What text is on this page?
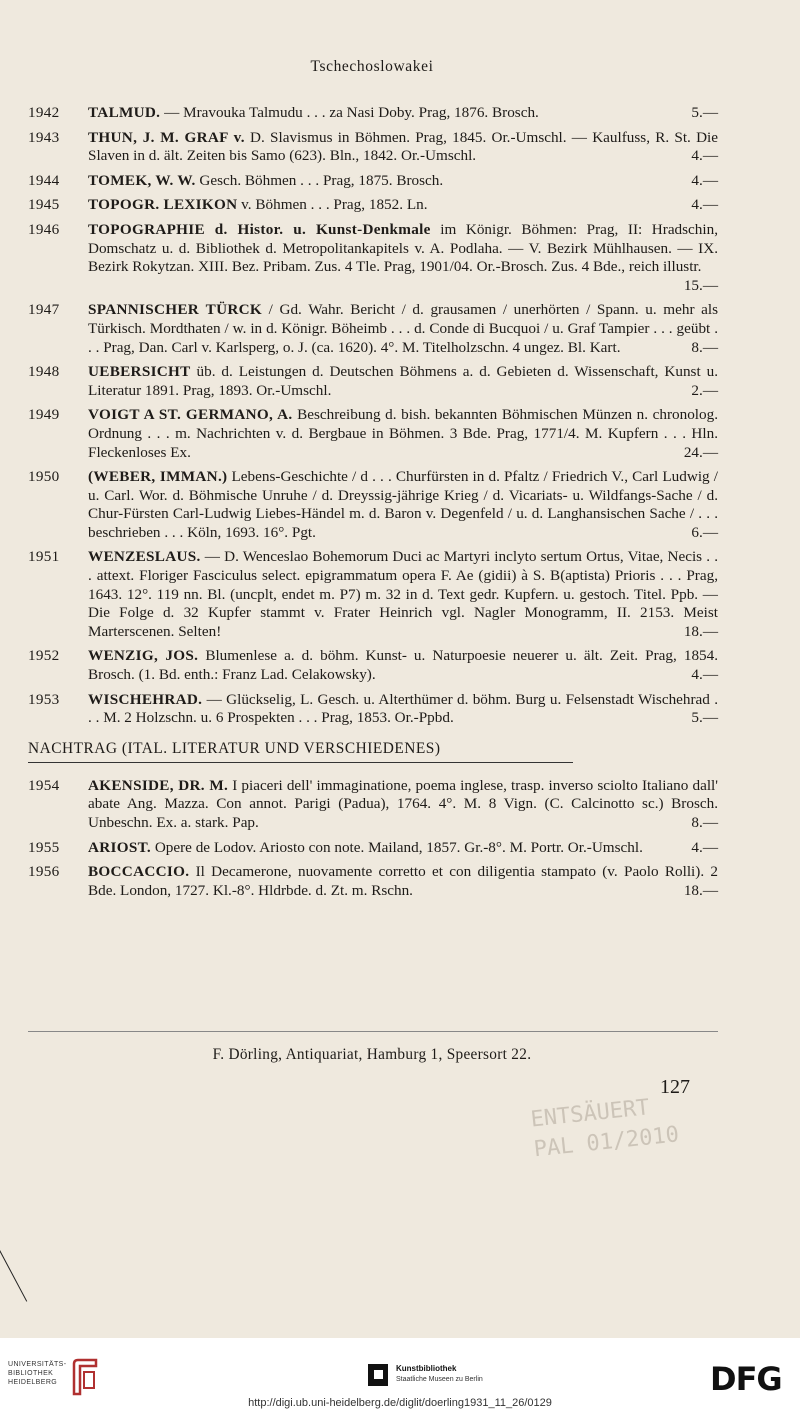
Tschechoslowakei
1942 TALMUD. — Mravouka Talmudu . . . za Nasi Doby. Prag, 1876. Brosch.	5.—
1943 THUN, J. M. GRAF v. D. Slavismus in Böhmen. Prag, 1845. Or.-Umschl. — Kaulfuss, R. St. Die Slaven in d. ält. Zeiten bis Samo (623). Bln., 1842. Or.-Umschl.	4.—
1944 TOMEK, W. W. Gesch. Böhmen . . . Prag, 1875. Brosch.	4.—
1945 TOPOGR. LEXIKON v. Böhmen . . . Prag, 1852. Ln.	4.—
1946 TOPOGRAPHIE d. Histor. u. Kunst-Denkmale im Königr. Böhmen: Prag, II: Hradschin, Domschatz u. d. Bibliothek d. Metropolitankapitels v. A. Podlaha. — V. Bezirk Mühlhausen. — IX. Bezirk Rokytzan. XIII. Bez. Pribam. Zus. 4 Tle. Prag, 1901/04. Or.-Brosch. Zus. 4 Bde., reich illustr.
15.—
1947 SPANNISCHER TÜRCK / Gd. Wahr. Bericht / d. grausamen / unerhörten / Spann. u. mehr als Türkisch. Mordthaten / w. in d. Königr. Böheimb . . . d. Conde di Bucquoi / u. Graf Tampier . . . geübt . . . Prag, Dan. Carl v. Karlsperg, o. J. (ca. 1620). 4°. M. Titelholzschn. 4 ungez. Bl. Kart.	8.—
1948 UEBERSICHT üb. d. Leistungen d. Deutschen Böhmens a. d. Gebieten d. Wissenschaft, Kunst u. Literatur 1891. Prag, 1893. Or.-Umschl.	2.—
1949 VOIGT A ST. GERMANO, A. Beschreibung d. bish. bekannten Böhmischen Münzen n. chronolog. Ordnung . . . m. Nachrichten v. d. Bergbaue in Böhmen. 3 Bde. Prag, 1771/4. M. Kupfern . . . Hln. Fleckenloses Ex.	24.—
1950 (WEBER, IMMAN.) Lebens-Geschichte / d . . . Churfürsten in d. Pfaltz / Friedrich V., Carl Ludwig / u. Carl. Wor. d. Böhmische Unruhe / d. Dreyssig-jährige Krieg / d. Vicariats- u. Wildfangs-Sache / d. Chur-Fürsten Carl-Ludwig Liebes-Händel m. d. Baron v. Degenfeld / u. d. Langhansischen Sache / . . . beschrieben . . . Köln, 1693. 16°. Pgt.	6.—
1951 WENZESLAUS. — D. Wenceslao Bohemorum Duci ac Martyri inclyto sertum Ortus, Vitae, Necis . . . attext. Floriger Fasciculus select. epigrammatum opera F. Ae (gidii) à S. B(aptista) Prioris . . . Prag, 1643. 12°. 119 nn. Bl. (uncplt, endet m. P7) m. 32 in d. Text gedr. Kupfern. u. gestoch. Titel. Ppb. — Die Folge d. 32 Kupfer stammt v. Frater Heinrich vgl. Nagler Monogramm, II. 2153. Meist Marterscenen. Selten!	18.—
1952 WENZIG, JOS. Blumenlese a. d. böhm. Kunst- u. Naturpoesie neuerer u. ält. Zeit. Prag, 1854. Brosch. (1. Bd. enth.: Franz Lad. Celakowsky).	4.—
1953 WISCHEHRAD. — Glückselig, L. Gesch. u. Alterthümer d. böhm. Burg u. Felsenstadt Wischehrad . . . M. 2 Holzschn. u. 6 Prospekten . . . Prag, 1853. Or.-Ppbd.	5.—
NACHTRAG (ITAL. LITERATUR UND VERSCHIEDENES)
1954 AKENSIDE, DR. M. I piaceri dell' immaginatione, poema inglese, trasp. inverso sciolto Italiano dall' abate Ang. Mazza. Con annot. Parigi (Padua), 1764. 4°. M. 8 Vign. (C. Calcinotto sc.) Brosch. Unbeschn. Ex. a. stark. Pap.	8.—
1955 ARIOST. Opere de Lodov. Ariosto con note. Mailand, 1857. Gr.-8°. M. Portr. Or.-Umschl.	4.—
1956 BOCCACCIO. Il Decamerone, nuovamente corretto et con diligentia stampato (v. Paolo Rolli). 2 Bde. London, 1727. Kl.-8°. Hldrbde. d. Zt. m. Rschn.	18.—
F. Dörling, Antiquariat, Hamburg 1, Speersort 22.
127
ENTSÄUERT
PAL 01/2010
UNIVERSITÄTS-BIBLIOTHEK HEIDELBERG
Kunstbibliothek
Staatliche Museen zu Berlin	DFG
http://digi.ub.uni-heidelberg.de/diglit/doerling1931_11_26/0129
